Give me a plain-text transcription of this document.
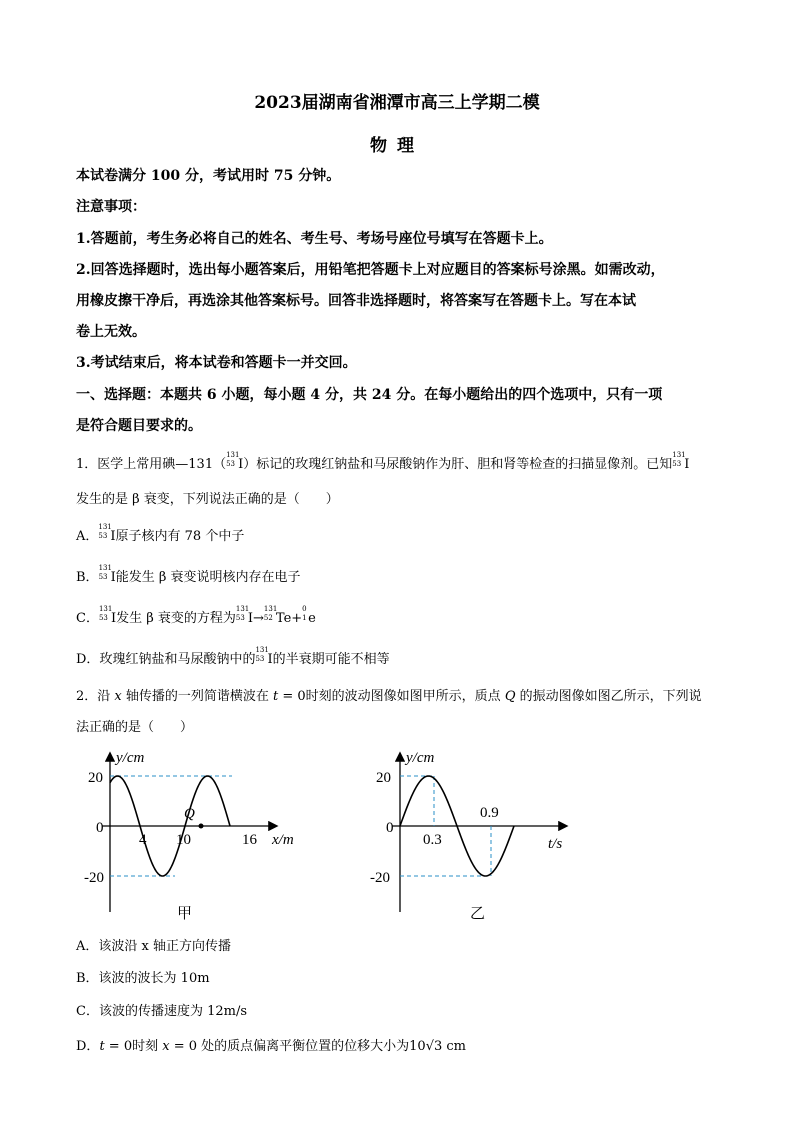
2023届湖南省湘潭市高三上学期二模
物理
本试卷满分 100 分，考试用时 75 分钟。
注意事项：
1.答题前，考生务必将自己的姓名、考生号、考场号座位号填写在答题卡上。
2.回答选择题时，选出每小题答案后，用铅笔把答题卡上对应题目的答案标号涂黑。如需改动，
用橡皮擦干净后，再选涂其他答案标号。回答非选择题时，将答案写在答题卡上。写在本试
卷上无效。
3.考试结束后，将本试卷和答题卡一并交回。
一、选择题：本题共 6 小题，每小题 4 分，共 24 分。在每小题给出的四个选项中，只有一项
是符合题目要求的。
1．医学上常用碘—131（
131
53 I）标记的玫瑰红钠盐和马尿酸钠作为肝、胆和肾等检查的扫描显像剂。已知
131
53 I
发生的是 β 衰变，下列说法正确的是（　　）
A．
131
53 I原子核内有 78 个中子
B．
131
53 I能发生 β 衰变说明核内存在电子
C．
131
53 I发生 β 衰变的方程为
131
53 I→
131
52 Te+
0
1 e
D．玫瑰红钠盐和马尿酸钠中的
131
53 I的半衰期可能不相等
2．沿 x 轴传播的一列简谐横波在 t = 0时刻的波动图像如图甲所示，质点 Q 的振动图像如图乙所示，下列说
法正确的是（　　）
y/cm
20
0
-20
4 10	16
Q
x/m
甲
y/cm
20
0
-20
0.3
0.9
t/s
乙
A．该波沿 x 轴正方向传播
B．该波的波长为 10m
C．该波的传播速度为 12m/s
D．t = 0时刻 x = 0 处的质点偏离平衡位置的位移大小为10√3 cm
